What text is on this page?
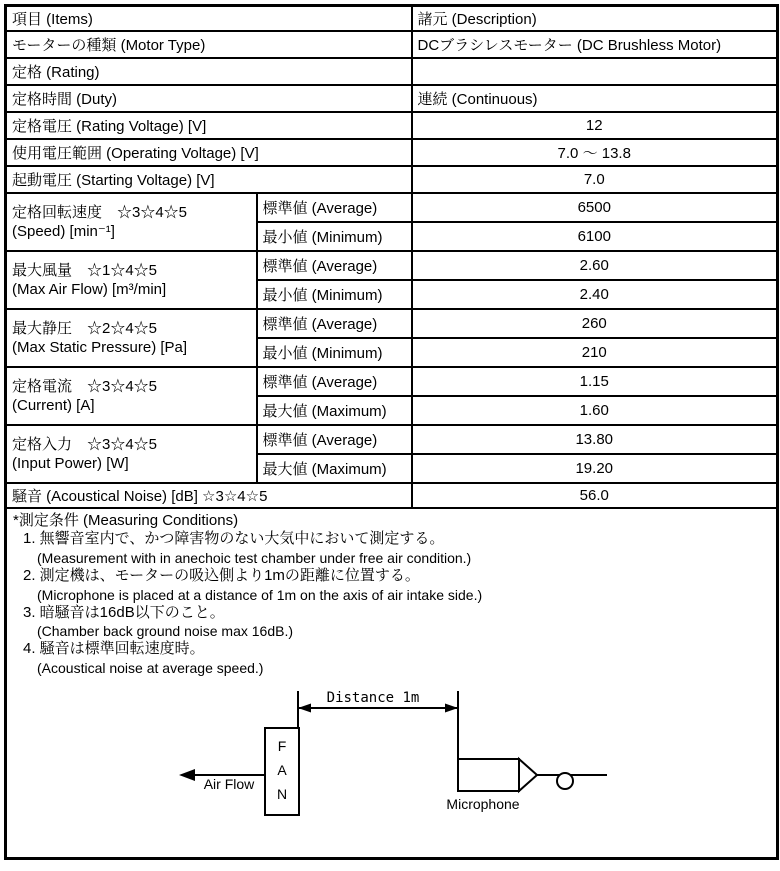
項目 (Items)		諸元 (Description)
モーターの種類 (Motor Type)		DCブラシレスモーター (DC Brushless Motor)
定格 (Rating)		
定格時間 (Duty)		連続 (Continuous)
定格電圧 (Rating Voltage) [V]		12
使用電圧範囲 (Operating Voltage) [V]		7.0 ～ 13.8
起動電圧 (Starting Voltage) [V]		7.0

定格回転速度　☆3☆4☆5
(Speed) [min⁻¹]	標準値 (Average)	6500
	最小値 (Minimum)	6100

最大風量　☆1☆4☆5
(Max Air Flow) [m³/min]	標準値 (Average)	2.60
	最小値 (Minimum)	2.40

最大静圧　☆2☆4☆5
(Max Static Pressure) [Pa]	標準値 (Average)	260
	最小値 (Minimum)	210

定格電流　☆3☆4☆5
(Current) [A]	標準値 (Average)	1.15
	最大値 (Maximum)	1.60

定格入力　☆3☆4☆5
(Input Power) [W]	標準値 (Average)	13.80
	最大値 (Maximum)	19.20
騒音 (Acoustical Noise) [dB] ☆3☆4☆5		56.0

*測定条件 (Measuring Conditions)
1. 無響音室内で、かつ障害物のない大気中において測定する。
(Measurement with in anechoic test chamber under free air condition.)
2. 測定機は、モーターの吸込側より1mの距離に位置する。
(Microphone is placed at a distance of 1m on the axis of air intake side.)
3. 暗騒音は16dB以下のこと。
(Chamber back ground noise max 16dB.)
4. 騒音は標準回転速度時。
(Acoustical noise at average speed.)
Distance 1m
F
A
N
Air Flow
Microphone
